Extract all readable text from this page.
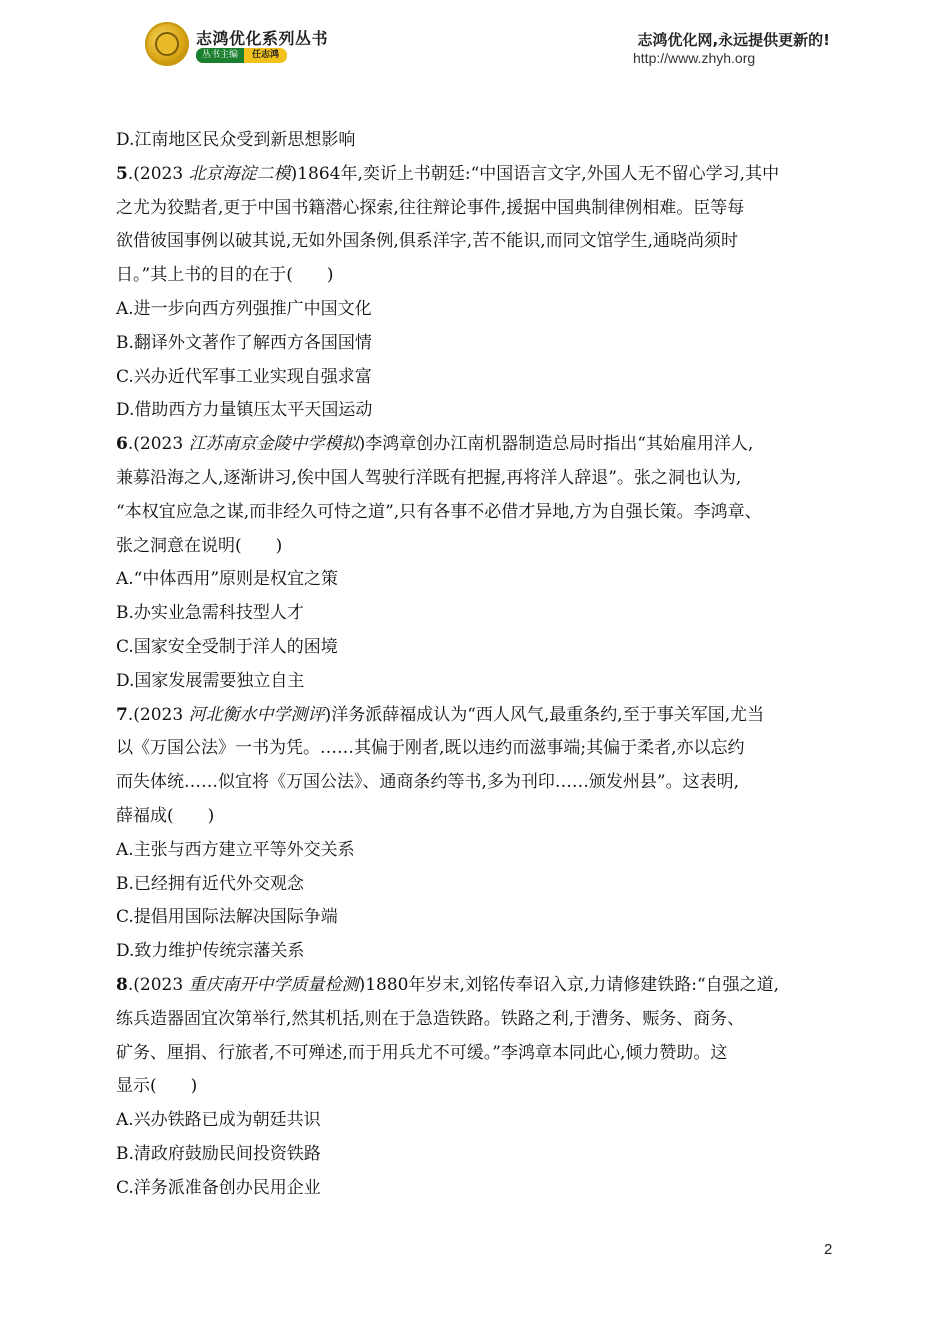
志鸿优化系列丛书
丛书主编	任志鸿
志鸿优化网,永远提供更新的!
http://www.zhyh.org
D.江南地区民众受到新思想影响
5.(2023 北京海淀二模)1864年,奕䜣上书朝廷:“中国语言文字,外国人无不留心学习,其中
之尤为狡黠者,更于中国书籍潜心探索,往往辩论事件,援据中国典制律例相难。臣等每
欲借彼国事例以破其说,无如外国条例,俱系洋字,苦不能识,而同文馆学生,通晓尚须时
日。”其上书的目的在于(　　)
A.进一步向西方列强推广中国文化
B.翻译外文著作了解西方各国国情
C.兴办近代军事工业实现自强求富
D.借助西方力量镇压太平天国运动
6.(2023 江苏南京金陵中学模拟)李鸿章创办江南机器制造总局时指出“其始雇用洋人,
兼募沿海之人,逐渐讲习,俟中国人驾驶行洋既有把握,再将洋人辞退”。张之洞也认为,
“本权宜应急之谋,而非经久可恃之道”,只有各事不必借才异地,方为自强长策。李鸿章、
张之洞意在说明(　　)
A.“中体西用”原则是权宜之策
B.办实业急需科技型人才
C.国家安全受制于洋人的困境
D.国家发展需要独立自主
7.(2023 河北衡水中学测评)洋务派薛福成认为“西人风气,最重条约,至于事关军国,尤当
以《万国公法》一书为凭。……其偏于刚者,既以违约而滋事端;其偏于柔者,亦以忘约
而失体统……似宜将《万国公法》、通商条约等书,多为刊印……颁发州县”。这表明,
薛福成(　　)
A.主张与西方建立平等外交关系
B.已经拥有近代外交观念
C.提倡用国际法解决国际争端
D.致力维护传统宗藩关系
8.(2023 重庆南开中学质量检测)1880年岁末,刘铭传奉诏入京,力请修建铁路:“自强之道,
练兵造器固宜次第举行,然其机括,则在于急造铁路。铁路之利,于漕务、赈务、商务、
矿务、厘捐、行旅者,不可殚述,而于用兵尤不可缓。”李鸿章本同此心,倾力赞助。这
显示(　　)
A.兴办铁路已成为朝廷共识
B.清政府鼓励民间投资铁路
C.洋务派准备创办民用企业
2
